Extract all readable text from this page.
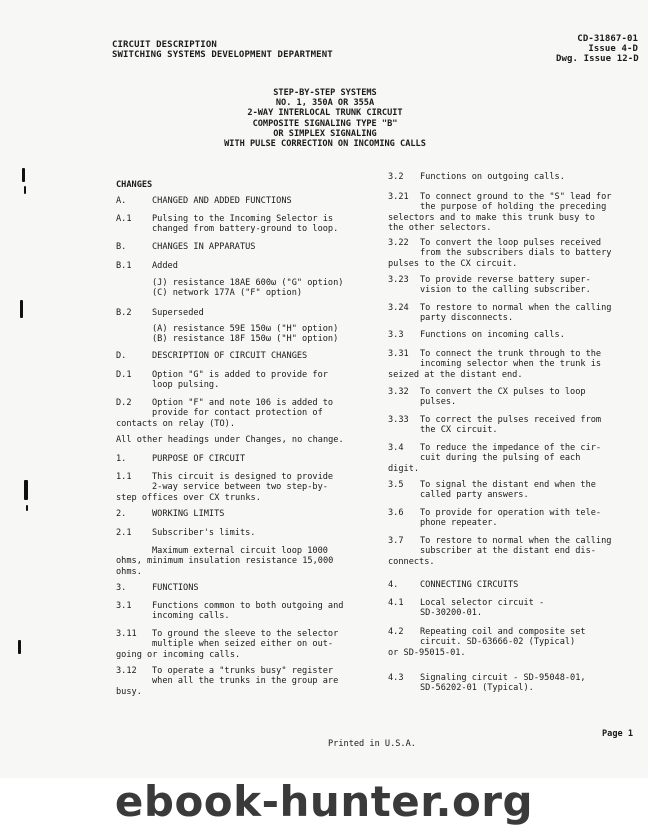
CIRCUIT DESCRIPTION
SWITCHING SYSTEMS DEVELOPMENT DEPARTMENT
CD-31867-01
Issue 4-D
Dwg. Issue 12-D
STEP-BY-STEP SYSTEMS
NO. 1, 350A OR 355A
2-WAY INTERLOCAL TRUNK CIRCUIT
COMPOSITE SIGNALING TYPE "B"
OR SIMPLEX SIGNALING
WITH PULSE CORRECTION ON INCOMING CALLS
CHANGES
A.	CHANGED AND ADDED FUNCTIONS
A.1 Pulsing to the Incoming Selector is
changed from battery-ground to loop.
B.	CHANGES IN APPARATUS
B.1 Added
(J) resistance 18AE 600ω ("G" option)
(C) network 177A ("F" option)
B.2 Superseded
(A) resistance 59E 150ω ("H" option)
(B) resistance 18F 150ω ("H" option)
D.	DESCRIPTION OF CIRCUIT CHANGES
D.1 Option "G" is added to provide for
loop pulsing.
D.2 Option "F" and note 106 is added to
provide for contact protection of
contacts on relay (TO).
All other headings under Changes, no change.
1.	PURPOSE OF CIRCUIT
1.1 This circuit is designed to provide
2-way service between two step-by-
step offices over CX trunks.
2.	WORKING LIMITS
2.1 Subscriber's limits.
Maximum external circuit loop 1000
ohms, minimum insulation resistance 15,000
ohms.
3.	FUNCTIONS
3.1 Functions common to both outgoing and
incoming calls.
3.11 To ground the sleeve to the selector
multiple when seized either on out-
going or incoming calls.
3.12 To operate a "trunks busy" register
when all the trunks in the group are
busy.
3.2 Functions on outgoing calls.
3.21 To connect ground to the "S" lead for
the purpose of holding the preceding
selectors and to make this trunk busy to
the other selectors.
3.22 To convert the loop pulses received
from the subscribers dials to battery
pulses to the CX circuit.
3.23 To provide reverse battery super-
vision to the calling subscriber.
3.24 To restore to normal when the calling
party disconnects.
3.3 Functions on incoming calls.
3.31 To connect the trunk through to the
incoming selector when the trunk is
seized at the distant end.
3.32 To convert the CX pulses to loop
pulses.
3.33 To correct the pulses received from
the CX circuit.
3.4 To reduce the impedance of the cir-
cuit during the pulsing of each
digit.
3.5 To signal the distant end when the
called party answers.
3.6 To provide for operation with tele-
phone repeater.
3.7 To restore to normal when the calling
subscriber at the distant end dis-
connects.
4.	CONNECTING CIRCUITS
4.1 Local selector circuit -
SD-30200-01.
4.2 Repeating coil and composite set
circuit. SD-63666-02 (Typical)
or SD-95015-01.
4.3 Signaling circuit - SD-95048-01,
SD-56202-01 (Typical).
Page 1
Printed in U.S.A.
ebook-hunter.org
